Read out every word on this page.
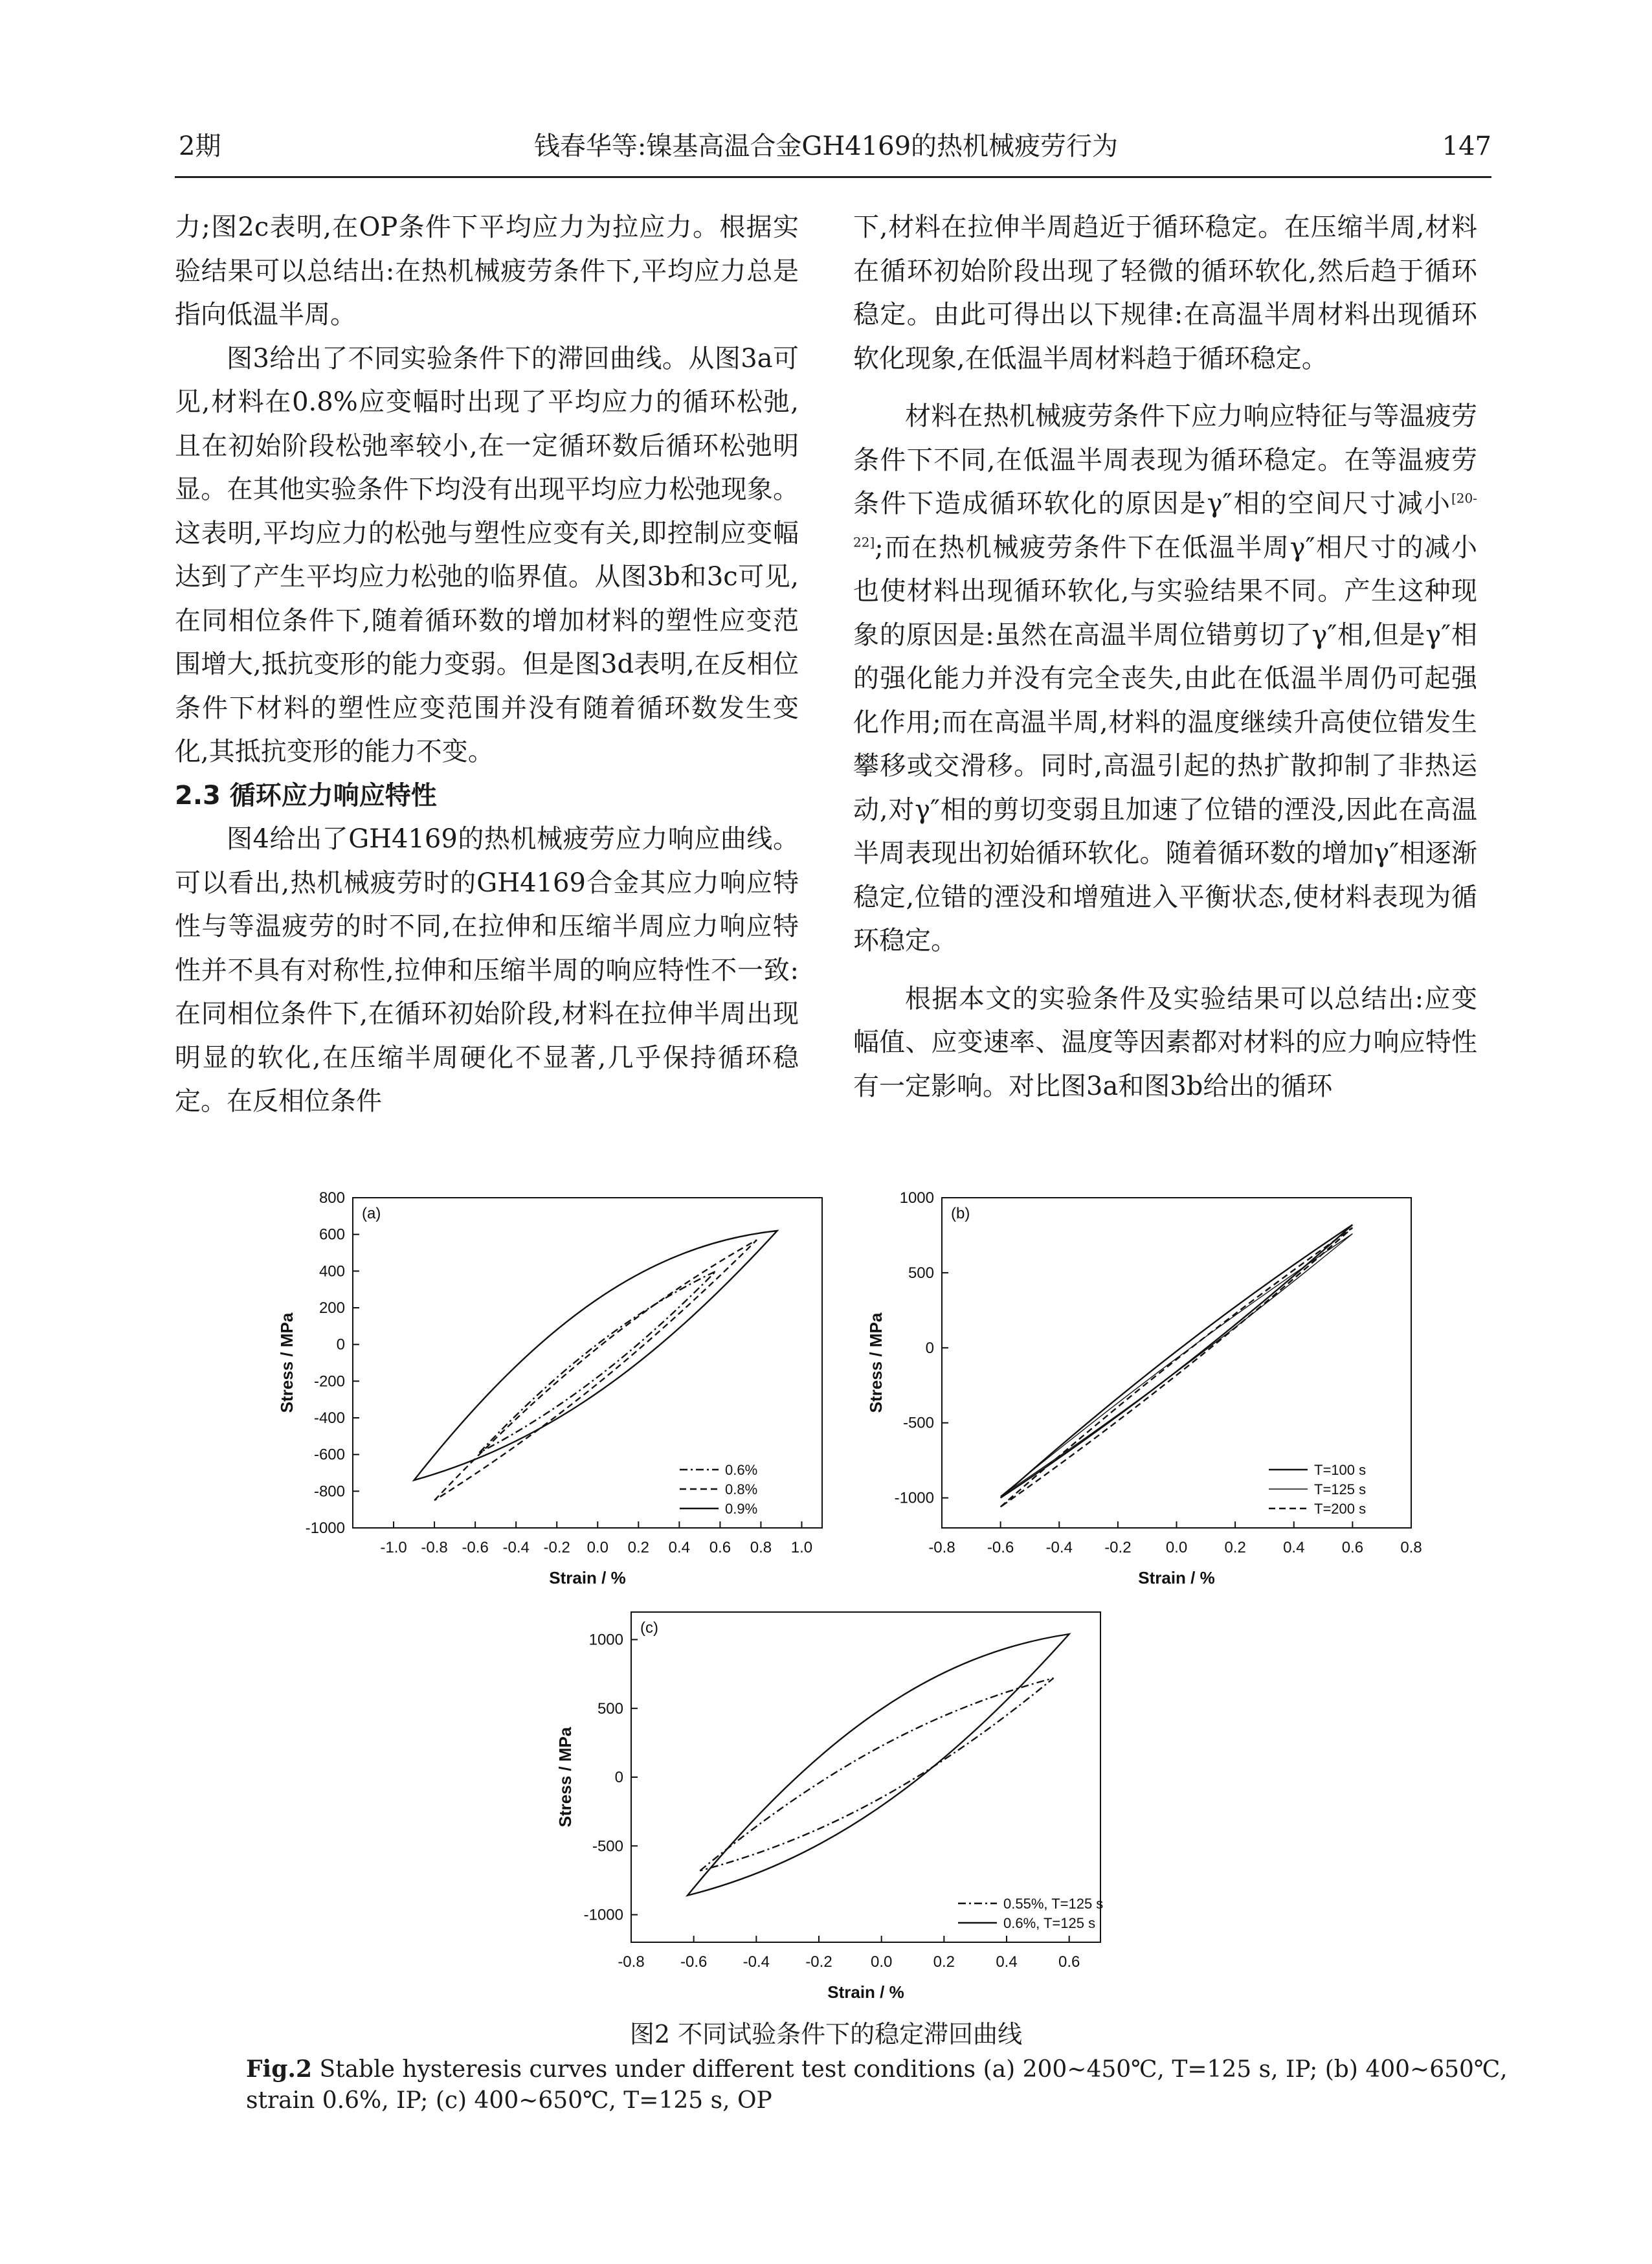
2期	钱春华等:镍基高温合金GH4169的热机械疲劳行为	147

力;图2c表明,在OP条件下平均应力为拉应力。根据实验结果可以总结出:在热机械疲劳条件下,平均应力总是指向低温半周。

图3给出了不同实验条件下的滞回曲线。从图3a可见,材料在0.8%应变幅时出现了平均应力的循环松弛,且在初始阶段松弛率较小,在一定循环数后循环松弛明显。在其他实验条件下均没有出现平均应力松弛现象。这表明,平均应力的松弛与塑性应变有关,即控制应变幅达到了产生平均应力松弛的临界值。从图3b和3c可见,在同相位条件下,随着循环数的增加材料的塑性应变范围增大,抵抗变形的能力变弱。但是图3d表明,在反相位条件下材料的塑性应变范围并没有随着循环数发生变化,其抵抗变形的能力不变。

2.3 循环应力响应特性

图4给出了GH4169的热机械疲劳应力响应曲线。可以看出,热机械疲劳时的GH4169合金其应力响应特性与等温疲劳的时不同,在拉伸和压缩半周应力响应特性并不具有对称性,拉伸和压缩半周的响应特性不一致:在同相位条件下,在循环初始阶段,材料在拉伸半周出现明显的软化,在压缩半周硬化不显著,几乎保持循环稳定。在反相位条件

下,材料在拉伸半周趋近于循环稳定。在压缩半周,材料在循环初始阶段出现了轻微的循环软化,然后趋于循环稳定。由此可得出以下规律:在高温半周材料出现循环软化现象,在低温半周材料趋于循环稳定。

材料在热机械疲劳条件下应力响应特征与等温疲劳条件下不同,在低温半周表现为循环稳定。在等温疲劳条件下造成循环软化的原因是γ″相的空间尺寸减小[20-22];而在热机械疲劳条件下在低温半周γ″相尺寸的减小也使材料出现循环软化,与实验结果不同。产生这种现象的原因是:虽然在高温半周位错剪切了γ″相,但是γ″相的强化能力并没有完全丧失,由此在低温半周仍可起强化作用;而在高温半周,材料的温度继续升高使位错发生攀移或交滑移。同时,高温引起的热扩散抑制了非热运动,对γ″相的剪切变弱且加速了位错的湮没,因此在高温半周表现出初始循环软化。随着循环数的增加γ″相逐渐稳定,位错的湮没和增殖进入平衡状态,使材料表现为循环稳定。

根据本文的实验条件及实验结果可以总结出:应变幅值、应变速率、温度等因素都对材料的应力响应特性有一定影响。对比图3a和图3b给出的循环

-1.0 -0.8 -0.6 -0.4 -0.2 0.0 0.2 0.4 0.6 0.8 1.0
800
600
400
200
0
-200
-400
-600
-800
-1000
Strain / %
Stress / MPa
(a)
0.6%
0.8%
0.9%
-0.8 -0.6 -0.4 -0.2 0.0 0.2 0.4 0.6 0.8
1000
500
0
-500
-1000
Strain / %
Stress / MPa
(b)
T=100 s
T=125 s
T=200 s
-0.8 -0.6 -0.4 -0.2 0.0	0.2	0.4	0.6
1000
500
0
-500
-1000
Strain / %
Stress / MPa
(c)
0.55%, T=125 s
0.6%, T=125 s
图2 不同试验条件下的稳定滞回曲线
Fig.2 Stable hysteresis curves under different test conditions (a) 200~450℃, T=125 s, IP; (b) 400~650℃, strain 0.6%, IP; (c) 400~650℃, T=125 s, OP
